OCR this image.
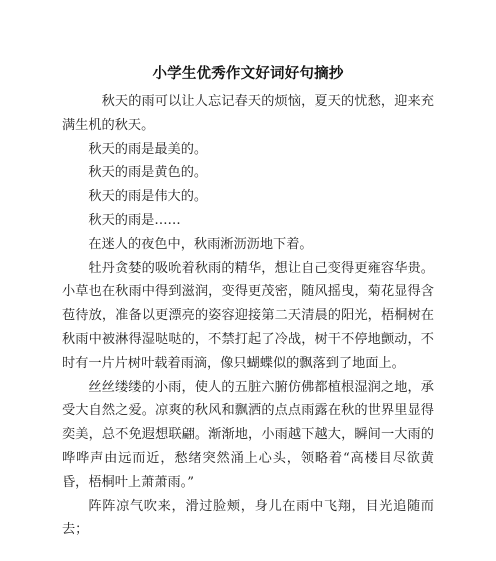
小学生优秀作文好词好句摘抄

秋天的雨可以让人忘记春天的烦恼，夏天的忧愁，迎来充满生机的秋天。

秋天的雨是最美的。

秋天的雨是黄色的。

秋天的雨是伟大的。

秋天的雨是……

在迷人的夜色中，秋雨淅沥沥地下着。

牡丹贪婪的吸吮着秋雨的精华，想让自己变得更雍容华贵。小草也在秋雨中得到滋润，变得更茂密，随风摇曳，菊花显得含苞待放，准备以更漂亮的姿容迎接第二天清晨的阳光，梧桐树在秋雨中被淋得湿哒哒的，不禁打起了冷战，树干不停地颤动，不时有一片片树叶载着雨滴，像只蝴蝶似的飘落到了地面上。

丝丝缕缕的小雨，使人的五脏六腑仿佛都植根湿润之地，承受大自然之爱。凉爽的秋风和飘洒的点点雨露在秋的世界里显得奕美，总不免遐想联翩。渐渐地，小雨越下越大，瞬间一大雨的哗哗声由远而近，愁绪突然涌上心头，领略着“高楼目尽欲黄昏，梧桐叶上萧萧雨。”

阵阵凉气吹来，滑过脸颊，身儿在雨中飞翔，目光追随而去；
